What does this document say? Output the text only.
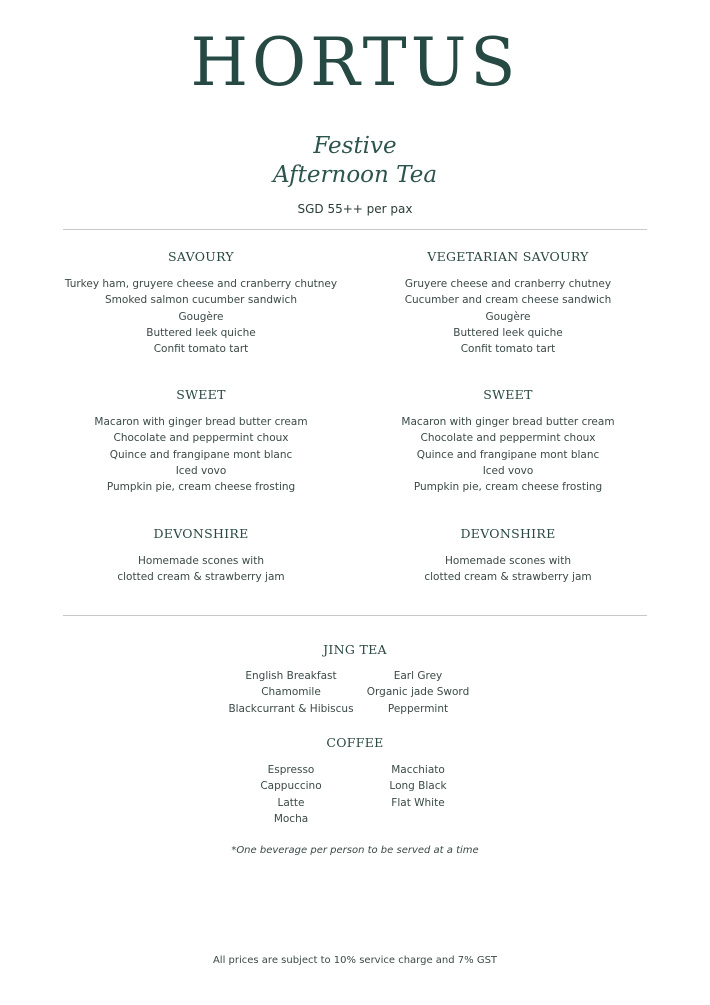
HORTUS
Festive
Afternoon Tea
SGD 55++ per pax
SAVOURY
Turkey ham, gruyere cheese and cranberry chutney
Smoked salmon cucumber sandwich
Gougère
Buttered leek quiche
Confit tomato tart
SWEET
Macaron with ginger bread butter cream
Chocolate and peppermint choux
Quince and frangipane mont blanc
Iced vovo
Pumpkin pie, cream cheese frosting
DEVONSHIRE
Homemade scones with
clotted cream & strawberry jam
VEGETARIAN SAVOURY
Gruyere cheese and cranberry chutney
Cucumber and cream cheese sandwich
Gougère
Buttered leek quiche
Confit tomato tart
SWEET
Macaron with ginger bread butter cream
Chocolate and peppermint choux
Quince and frangipane mont blanc
Iced vovo
Pumpkin pie, cream cheese frosting
DEVONSHIRE
Homemade scones with
clotted cream & strawberry jam
JING TEA
English Breakfast
Chamomile
Blackcurrant & Hibiscus
Earl Grey
Organic jade Sword
Peppermint
COFFEE
Espresso
Cappuccino
Latte
Mocha
Macchiato
Long Black
Flat White
*One beverage per person to be served at a time
All prices are subject to 10% service charge and 7% GST
